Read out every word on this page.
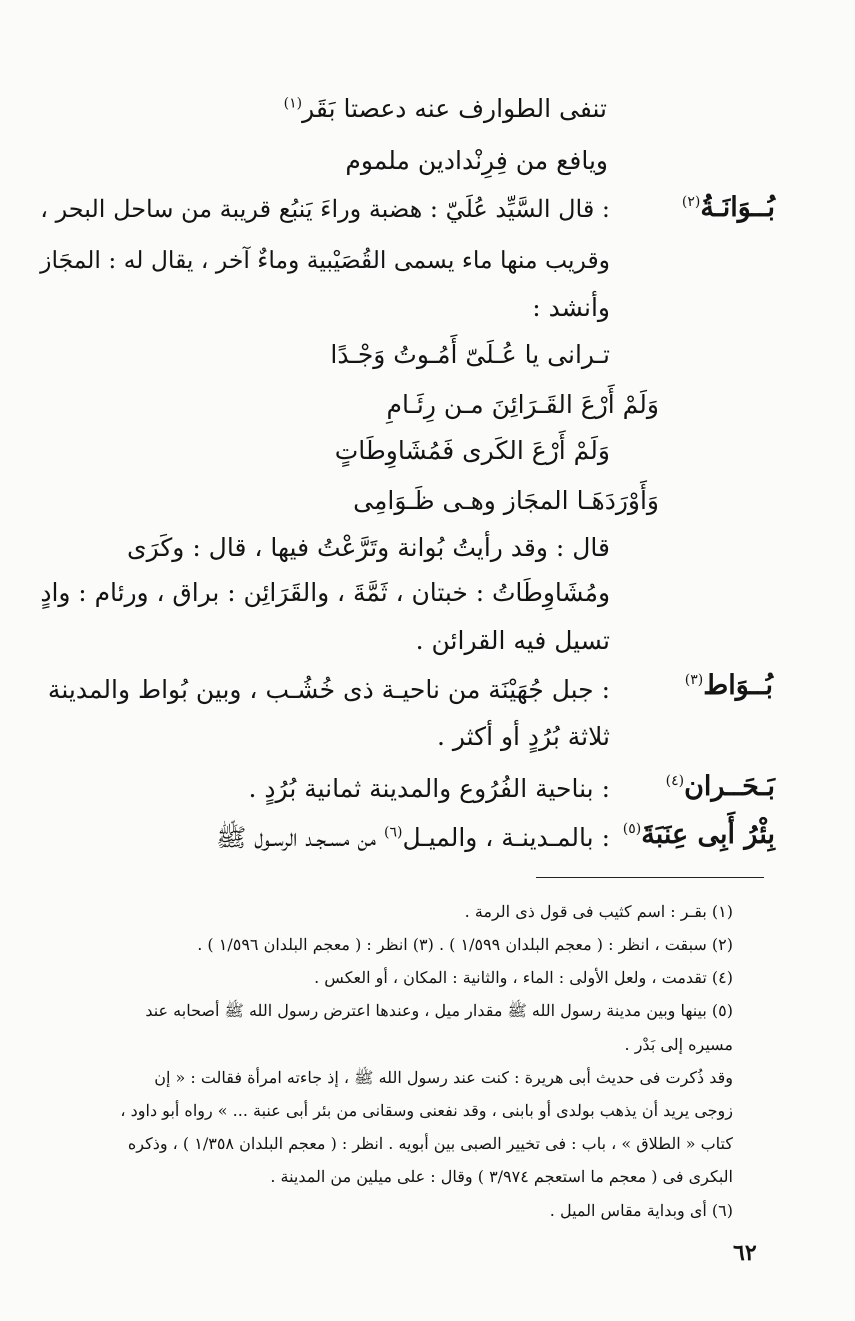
تنفى الطوارف عنه دعصتا بَقَر$^{(١)}$
ويافع من فِرِنْدادين ملموم
بُــوَانَـةُ$^{(٢)}$
: قال السَّيِّد عُلَيّ : هضبة وراءَ يَنبُع قريبة من ساحل البحر ،
وقريب منها ماء يسمى القُصَيْبية وماءٌ آخر ، يقال له : المجَاز
وأنشد :
تـرانى يا عُـلَىّ أَمُـوتُ وَجْـدًا
وَلَمْ أَرْعَ القَـرَائِنَ مـن رِئَـامِ
وَلَمْ أَرْعَ الكَرى فَمُشَاوِطَاتٍ
وَأَوْرَدَهَـا المجَاز وهـى ظَـوَامِى
قال : وقد رأيتُ بُوانة وتَرَّعْتُ فيها ، قال : وكَرَى
ومُشَاوِطَاتُ : خبتان ، ثَمَّةَ ، والقَرَائِن : براق ، ورئام : وادٍ
تسيل فيه القرائن .
بُــوَاط$^{(٣)}$
: جبل جُهَيْنَة من ناحيـة ذى خُشُـب ، وبين بُواط والمدينة
ثلاثة بُرُدٍ أو أكثر .
بَـحَــران$^{(٤)}$
: بناحية الفُرُوع والمدينة ثمانية بُرُدٍ .
بِئْرُ أَبِى عِنَبَةَ$^{(٥)}$
: بالمـدينـة ، والميـل$^{(٦)}$ من مسـجـد الرسـول ﷺ
(١) بقـر : اسم كثيب فى قول ذى الرمة .
(٢) سبقت ، انظر : ( معجم البلدان ١/٥٩٩ ) . (٣) انظر : ( معجم البلدان ١/٥٩٦ ) .
(٤) تقدمت ، ولعل الأولى : الماء ، والثانية : المكان ، أو العكس .
(٥) بينها وبين مدينة رسول الله ﷺ مقدار ميل ، وعندها اعترض رسول الله ﷺ أصحابه عند
مسيره إلى بَدْر .
وقد ذُكرت فى حديث أبى هريرة : كنت عند رسول الله ﷺ ، إذ جاءته امرأة فقالت : « إن
زوجى يريد أن يذهب بولدى أو بابنى ، وقد نفعنى وسقانى من بئر أبى عنبة ... » رواه أبو داود ،
كتاب « الطلاق » ، باب : فى تخيير الصبى بين أبويه . انظر : ( معجم البلدان ١/٣٥٨ ) ، وذكره
البكرى فى ( معجم ما استعجم ٣/٩٧٤ ) وقال : على ميلين من المدينة .
(٦) أى وبداية مقاس الميل .
٦٢
